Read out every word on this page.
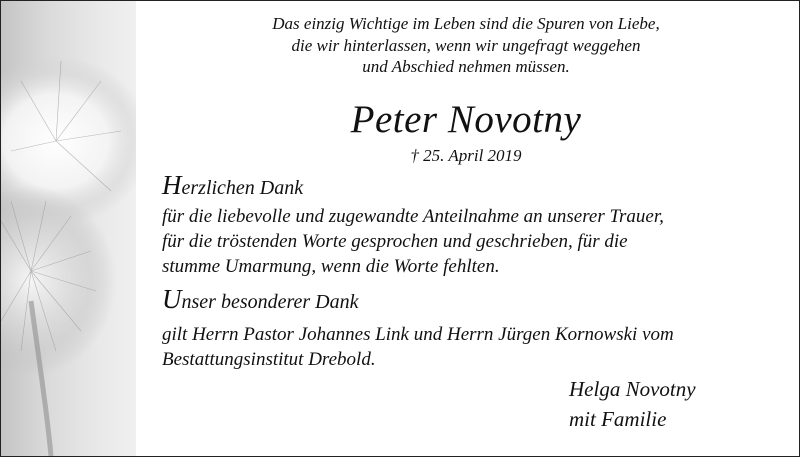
Das einzig Wichtige im Leben sind die Spuren von Liebe,
die wir hinterlassen, wenn wir ungefragt weggehen
und Abschied nehmen müssen.
Peter Novotny
† 25. April 2019
Herzlichen Dank
für die liebevolle und zugewandte Anteilnahme an unserer Trauer,
für die tröstenden Worte gesprochen und geschrieben, für die
stumme Umarmung, wenn die Worte fehlten.
Unser besonderer Dank
gilt Herrn Pastor Johannes Link und Herrn Jürgen Kornowski vom
Bestattungsinstitut Drebold.
Helga Novotny
mit Familie
